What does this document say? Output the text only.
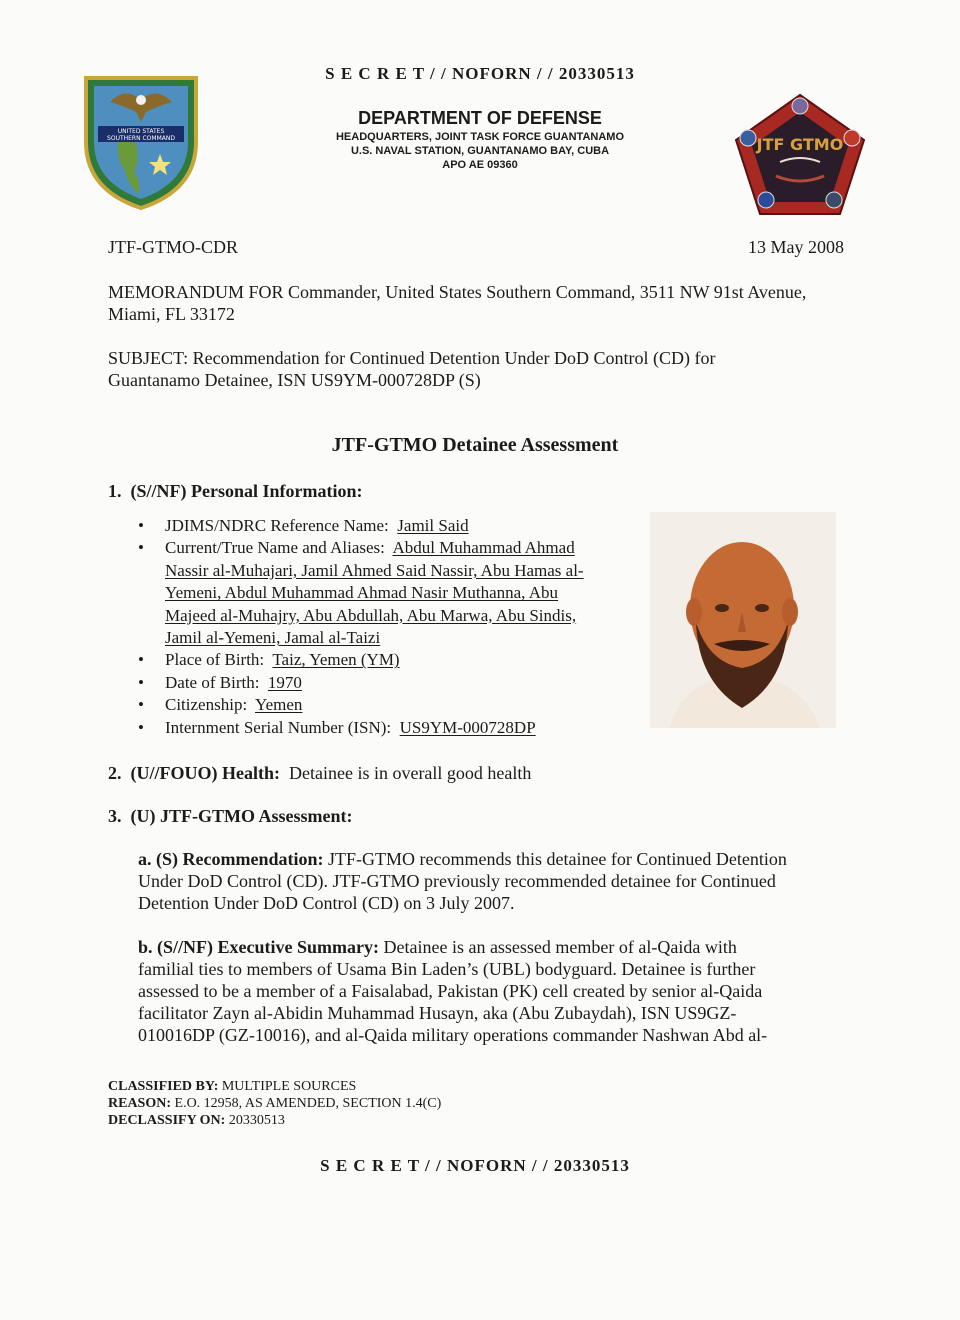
S E C R E T / / NOFORN / / 20330513
UNITED STATES
SOUTHERN COMMAND
DEPARTMENT OF DEFENSE
HEADQUARTERS, JOINT TASK FORCE GUANTANAMO
U.S. NAVAL STATION, GUANTANAMO BAY, CUBA
APO AE 09360
JTF GTMO
JTF-GTMO-CDR	13 May 2008
MEMORANDUM FOR Commander, United States Southern Command, 3511 NW 91st Avenue,
Miami, FL 33172
SUBJECT: Recommendation for Continued Detention Under DoD Control (CD) for
Guantanamo Detainee, ISN US9YM-000728DP (S)
JTF-GTMO Detainee Assessment
1. (S//NF) Personal Information:
• JDIMS/NDRC Reference Name: Jamil Said
• Current/True Name and Aliases: Abdul Muhammad Ahmad
Nassir al-Muhajari, Jamil Ahmed Said Nassir, Abu Hamas al-
Yemeni, Abdul Muhammad Ahmad Nasir Muthanna, Abu
Majeed al-Muhajry, Abu Abdullah, Abu Marwa, Abu Sindis,
Jamil al-Yemeni, Jamal al-Taizi
• Place of Birth: Taiz, Yemen (YM)
• Date of Birth: 1970
• Citizenship: Yemen
• Internment Serial Number (ISN): US9YM-000728DP
2. (U//FOUO) Health: Detainee is in overall good health
3. (U) JTF-GTMO Assessment:
a. (S) Recommendation: JTF-GTMO recommends this detainee for Continued Detention
Under DoD Control (CD). JTF-GTMO previously recommended detainee for Continued
Detention Under DoD Control (CD) on 3 July 2007.
b. (S//NF) Executive Summary: Detainee is an assessed member of al-Qaida with
familial ties to members of Usama Bin Laden’s (UBL) bodyguard. Detainee is further
assessed to be a member of a Faisalabad, Pakistan (PK) cell created by senior al-Qaida
facilitator Zayn al-Abidin Muhammad Husayn, aka (Abu Zubaydah), ISN US9GZ-
010016DP (GZ-10016), and al-Qaida military operations commander Nashwan Abd al-
CLASSIFIED BY: MULTIPLE SOURCES
REASON: E.O. 12958, AS AMENDED, SECTION 1.4(C)
DECLASSIFY ON: 20330513
S E C R E T / / NOFORN / / 20330513
